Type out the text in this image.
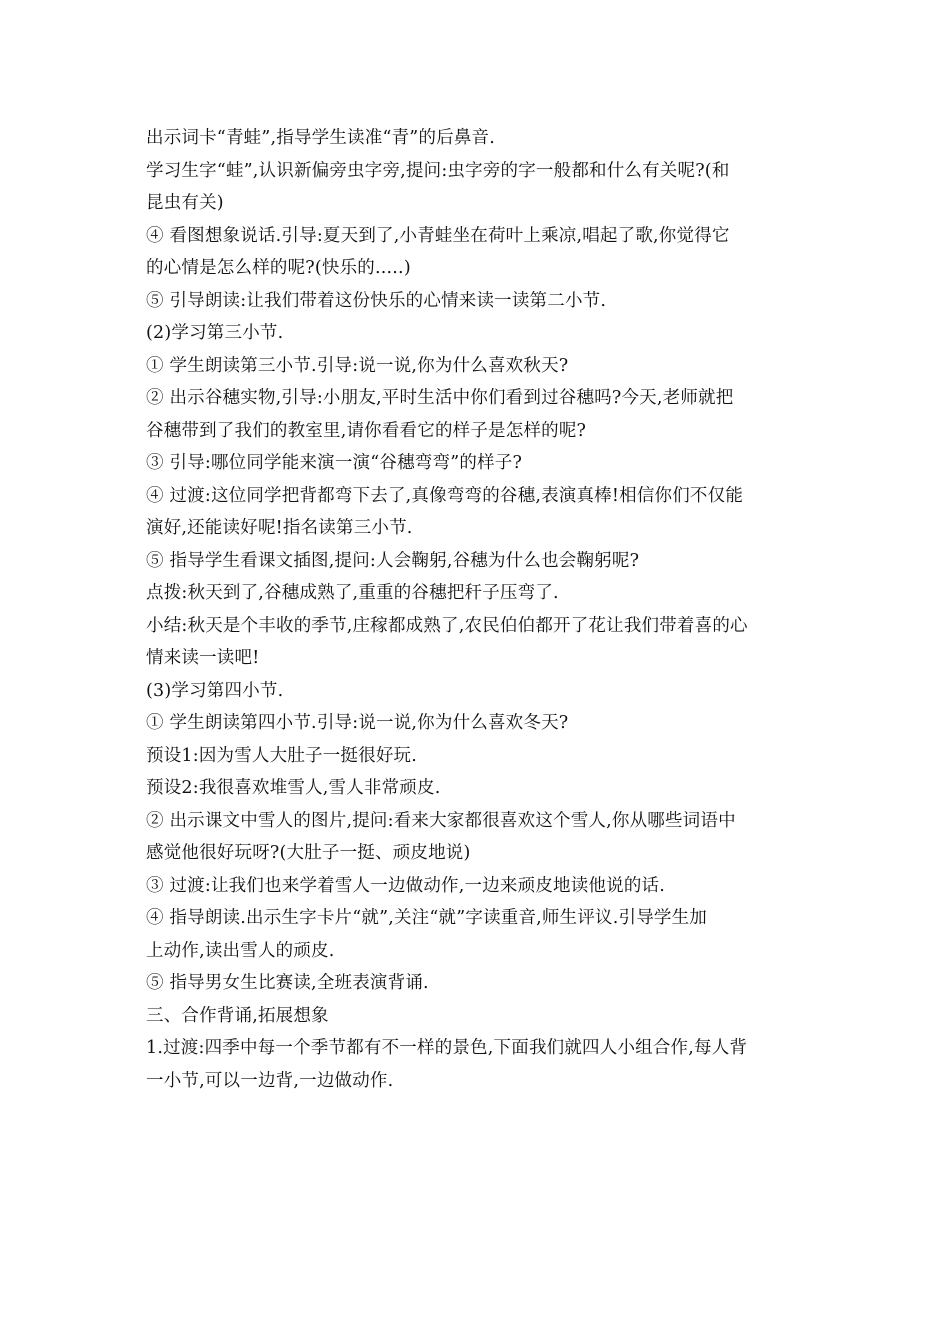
出示词卡“青蛙”,指导学生读准“青”的后鼻音.
学习生字“蛙”,认识新偏旁虫字旁,提问:虫字旁的字一般都和什么有关呢?(和
昆虫有关)
④ 看图想象说话.引导:夏天到了,小青蛙坐在荷叶上乘凉,唱起了歌,你觉得它
的心情是怎么样的呢?(快乐的.....)
⑤ 引导朗读:让我们带着这份快乐的心情来读一读第二小节.
(2)学习第三小节.
① 学生朗读第三小节.引导:说一说,你为什么喜欢秋天?
② 出示谷穗实物,引导:小朋友,平时生活中你们看到过谷穗吗?今天,老师就把
谷穗带到了我们的教室里,请你看看它的样子是怎样的呢?
③ 引导:哪位同学能来演一演“谷穗弯弯”的样子?
④ 过渡:这位同学把背都弯下去了,真像弯弯的谷穗,表演真棒!相信你们不仅能
演好,还能读好呢!指名读第三小节.
⑤ 指导学生看课文插图,提问:人会鞠躬,谷穗为什么也会鞠躬呢?
点拨:秋天到了,谷穗成熟了,重重的谷穗把秆子压弯了.
小结:秋天是个丰收的季节,庄稼都成熟了,农民伯伯都开了花让我们带着喜的心
情来读一读吧!
(3)学习第四小节.
① 学生朗读第四小节.引导:说一说,你为什么喜欢冬天?
预设1:因为雪人大肚子一挺很好玩.
预设2:我很喜欢堆雪人,雪人非常顽皮.
② 出示课文中雪人的图片,提问:看来大家都很喜欢这个雪人,你从哪些词语中
感觉他很好玩呀?(大肚子一挺、顽皮地说)
③ 过渡:让我们也来学着雪人一边做动作,一边来顽皮地读他说的话.
④ 指导朗读.出示生字卡片“就”,关注“就”字读重音,师生评议.引导学生加
上动作,读出雪人的顽皮.
⑤ 指导男女生比赛读,全班表演背诵.
三、合作背诵,拓展想象
1.过渡:四季中每一个季节都有不一样的景色,下面我们就四人小组合作,每人背
一小节,可以一边背,一边做动作.
